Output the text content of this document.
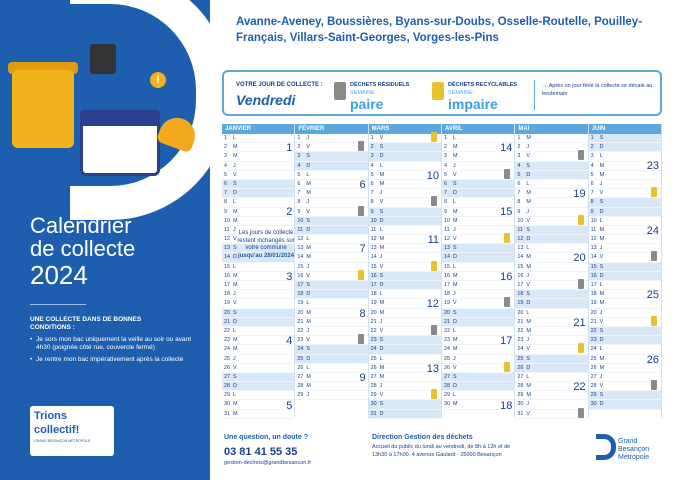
!
Calendrier
de collecte
2024
UNE COLLECTE DANS DE BONNES CONDITIONS :
• Je sors mon bac uniquement la veille au soir ou avant 4h30 (poignée côté rue, couvercle fermé)
• Je rentre mon bac impérativement après la collecte
Trions
collectif!
GRAND BESANÇON MÉTROPOLE
Avanne-Aveney, Boussières, Byans-sur-Doubs, Osselle-Routelle, Pouilley-Français, Villars-Saint-Georges, Vorges-les-Pins
VOTRE JOUR DE COLLECTE :
Vendredi
DÉCHETS RÉSIDUELS
SEMAINE
paire
DÉCHETS RECYCLABLES
SEMAINE
impaire
→ Après un jour férié la collecte se décale au lendemain
JANVIER
1 L
2 M
3 M
4 J
5 V
6 S
7 D
8 L
9 M
10 M
11 J
12 V
13 S
14 D
15 L
16 M
17 M
18 J
19 V
20 S
21 D
22 L
23 M
24 M
25 J
26 V
27 S
28 D
29 L
30 M
31 M
1
2
3
4
5
Les jours de collecte restent inchangés sur votre commune
jusqu'au 28/01/2024
FÉVRIER
1 J
2 V
3 S
4 D
5 L
6 M
7 M
8 J
9 V
10 S
11 D
12 L
13 M
14 M
15 J
16 V
17 S
18 D
19 L
20 M
21 M
22 J
23 V
24 S
25 D
26 L
27 M
28 M
29 J
6
7
8
9
MARS
1 V
2 S
3 D
4 L
5 M
6 M
7 J
8 V
9 S
10 D
11 L
12 M
13 M
14 J
15 V
16 S
17 D
18 L
19 M
20 M
21 J
22 V
23 S
24 D
25 L
26 M
27 M
28 J
29 V
30 S
31 D
10
11
12
13
AVRIL
1 L
2 M
3 M
4 J
5 V
6 S
7 D
8 L
9 M
10 M
11 J
12 V
13 S
14 D
15 L
16 M
17 M
18 J
19 V
20 S
21 D
22 L
23 M
24 M
25 J
26 V
27 S
28 D
29 L
30 M
14
15
16
17
18
MAI
1 M
2 J
3 V
4 S
5 D
6 L
7 M
8 M
9 J
10 V
11 S
12 D
13 L
14 M
15 M
16 J
17 V
18 S
19 D
20 L
21 M
22 M
23 J
24 V
25 S
26 D
27 L
28 M
29 M
30 J
31 V
19
20
21
22
JUIN
1 S
2 D
3 L
4 M
5 M
6 J
7 V
8 S
9 D
10 L
11 M
12 M
13 J
14 V
15 S
16 D
17 L
18 M
19 M
20 J
21 V
22 S
23 D
24 L
25 M
26 M
27 J
28 V
29 S
30 D
23
24
25
26
Une question, un doute ?
03 81 41 55 35
gestion-dechets@grandbesancon.fr
Direction Gestion des déchets
Accueil du public du lundi au vendredi, de 8h à 12h et de 13h30 à 17h00. 4 avenue Gaulard - 25000 Besançon
Grand
Besançon
Métropole
